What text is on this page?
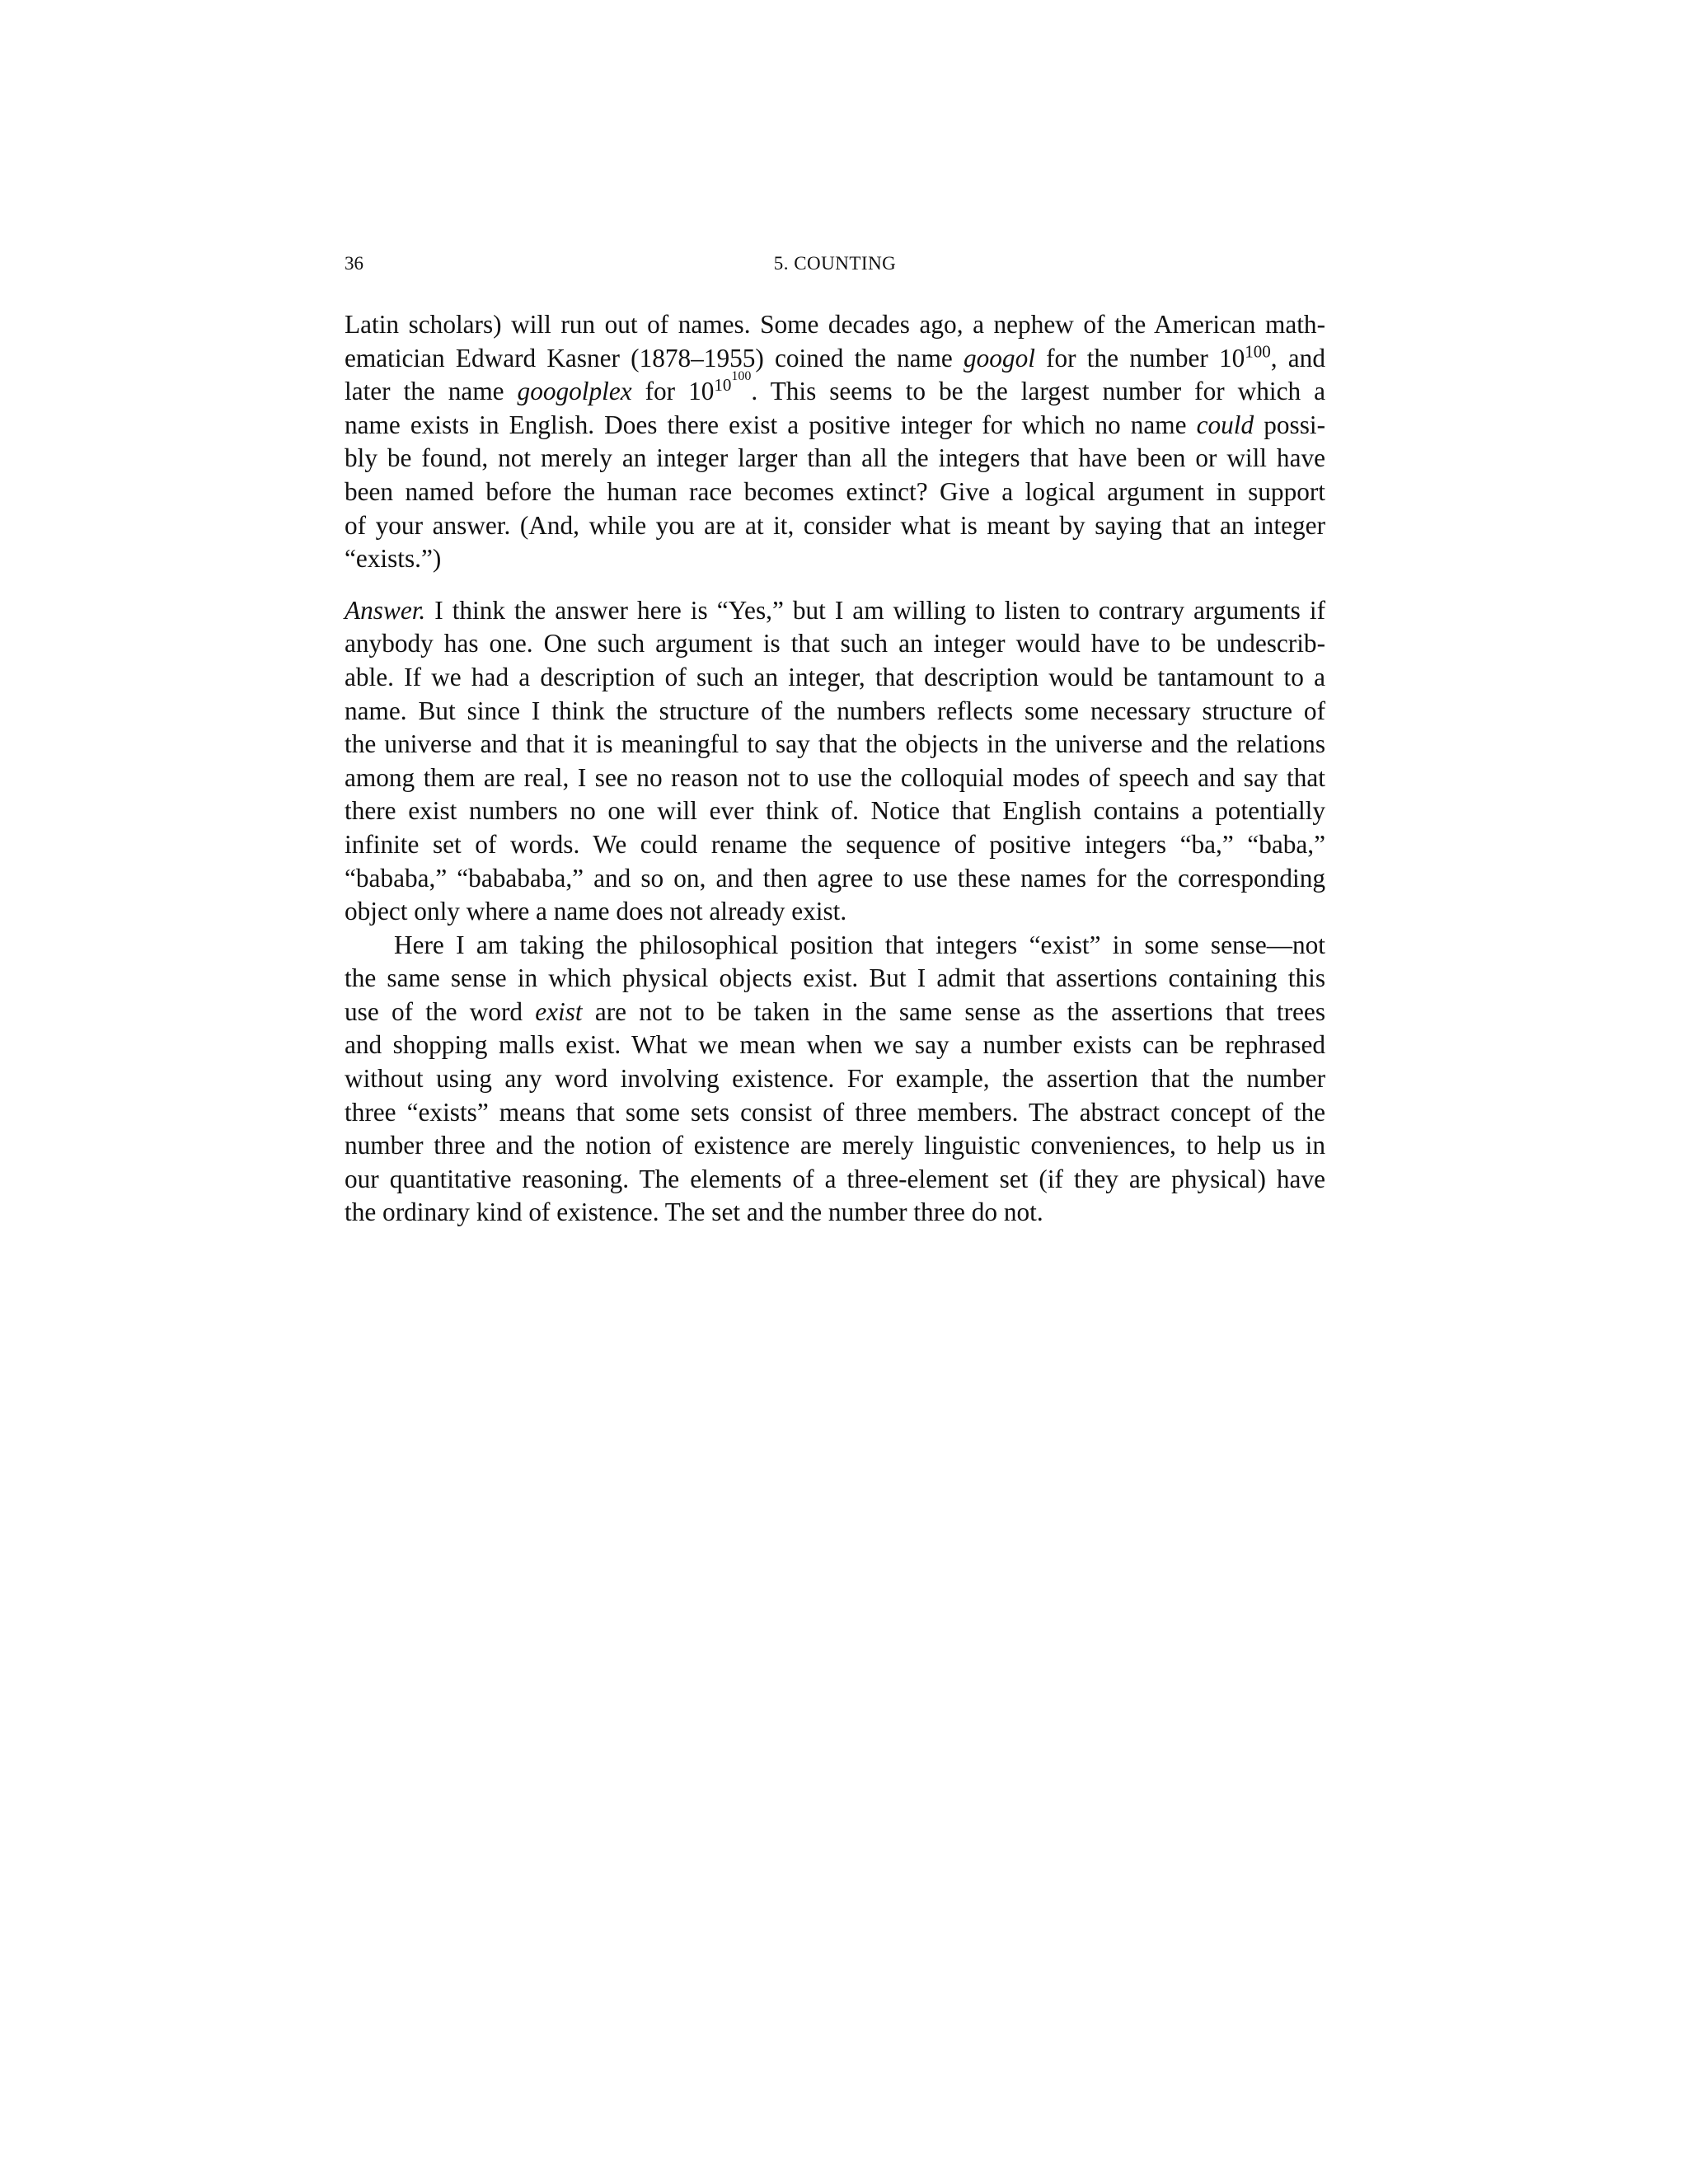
36	5. COUNTING

Latin scholars) will run out of names. Some decades ago, a nephew of the American math-
ematician Edward Kasner (1878–1955) coined the name googol for the number $10^{100}$, and
later the name googolplex for $10^{10^{100}}$. This seems to be the largest number for which a
name exists in English. Does there exist a positive integer for which no name could possi-
bly be found, not merely an integer larger than all the integers that have been or will have
been named before the human race becomes extinct? Give a logical argument in support
of your answer. (And, while you are at it, consider what is meant by saying that an integer
“exists.”)

Answer. I think the answer here is “Yes,” but I am willing to listen to contrary arguments if
anybody has one. One such argument is that such an integer would have to be undescrib-
able. If we had a description of such an integer, that description would be tantamount to a
name. But since I think the structure of the numbers reflects some necessary structure of
the universe and that it is meaningful to say that the objects in the universe and the relations
among them are real, I see no reason not to use the colloquial modes of speech and say that
there exist numbers no one will ever think of. Notice that English contains a potentially
infinite set of words. We could rename the sequence of positive integers “ba,” “baba,”
“bababa,” “babababa,” and so on, and then agree to use these names for the corresponding
object only where a name does not already exist.

Here I am taking the philosophical position that integers “exist” in some sense—not
the same sense in which physical objects exist. But I admit that assertions containing this
use of the word exist are not to be taken in the same sense as the assertions that trees
and shopping malls exist. What we mean when we say a number exists can be rephrased
without using any word involving existence. For example, the assertion that the number
three “exists” means that some sets consist of three members. The abstract concept of the
number three and the notion of existence are merely linguistic conveniences, to help us in
our quantitative reasoning. The elements of a three-element set (if they are physical) have
the ordinary kind of existence. The set and the number three do not.
